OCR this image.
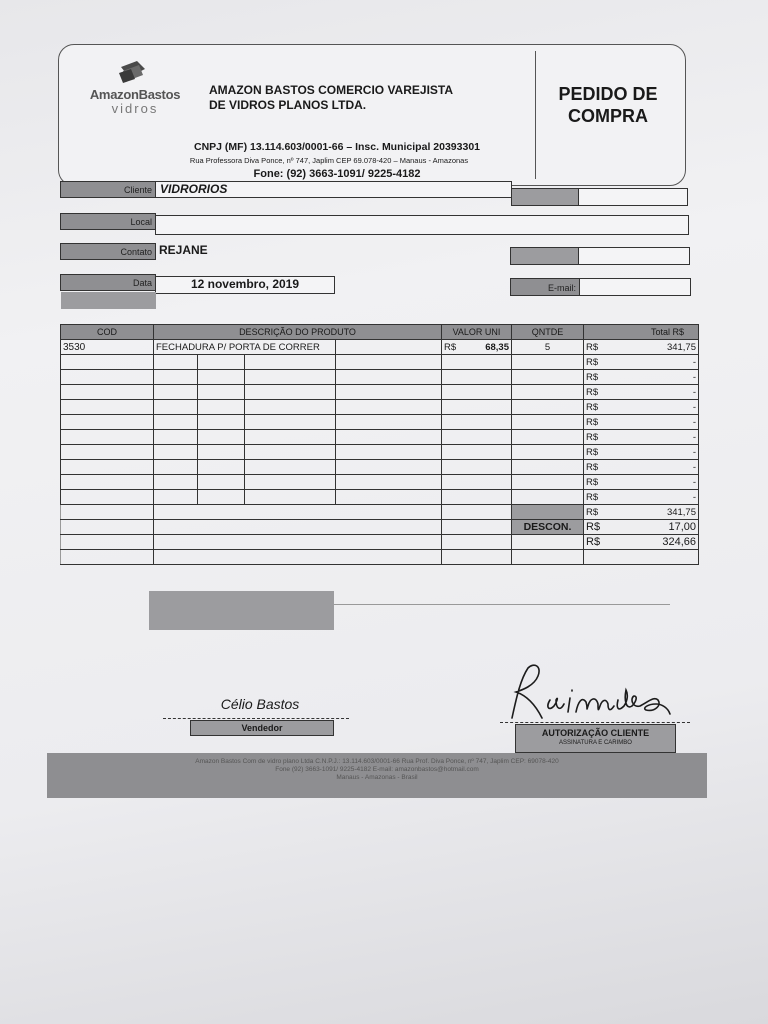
AmazonBastos
vidros
AMAZON BASTOS COMERCIO VAREJISTA
DE VIDROS PLANOS LTDA.
CNPJ (MF) 13.114.603/0001-66 – Insc. Municipal 20393301
Rua Professora Diva Ponce, nº 747, Japlim CEP 69.078-420 – Manaus - Amazonas
Fone: (92) 3663-1091/ 9225-4182
PEDIDO DE
COMPRA
Cliente VIDRORIOS
Local
Contato REJANE
Data	12 novembro, 2019	E-mail:
COD	DESCRIÇÃO DO PRODUTO				VALOR UNI	QNTDE	Total R$
3530	FECHADURA P/ PORTA DE CORRER				R$ 68,35	5	R$ 341,75

							R$ -

							R$ -

							R$ -

							R$ -

							R$ -

							R$ -

							R$ -

							R$ -

							R$ -

							R$ -

							R$ 341,75

						DESCON.	R$ 17,00

							R$ 324,66

Célio Bastos
Vendedor	AUTORIZAÇÃO CLIENTE
ASSINATURA E CARIMBO
Amazon Bastos Com de vidro plano Ltda C.N.P.J.: 13.114.603/0001-66 Rua Prof. Diva Ponce, nº 747, Japlim CEP: 69078-420
Fone (92) 3663-1091/ 9225-4182 E-mail: amazonbastos@hotmail.com
Manaus - Amazonas - Brasil
